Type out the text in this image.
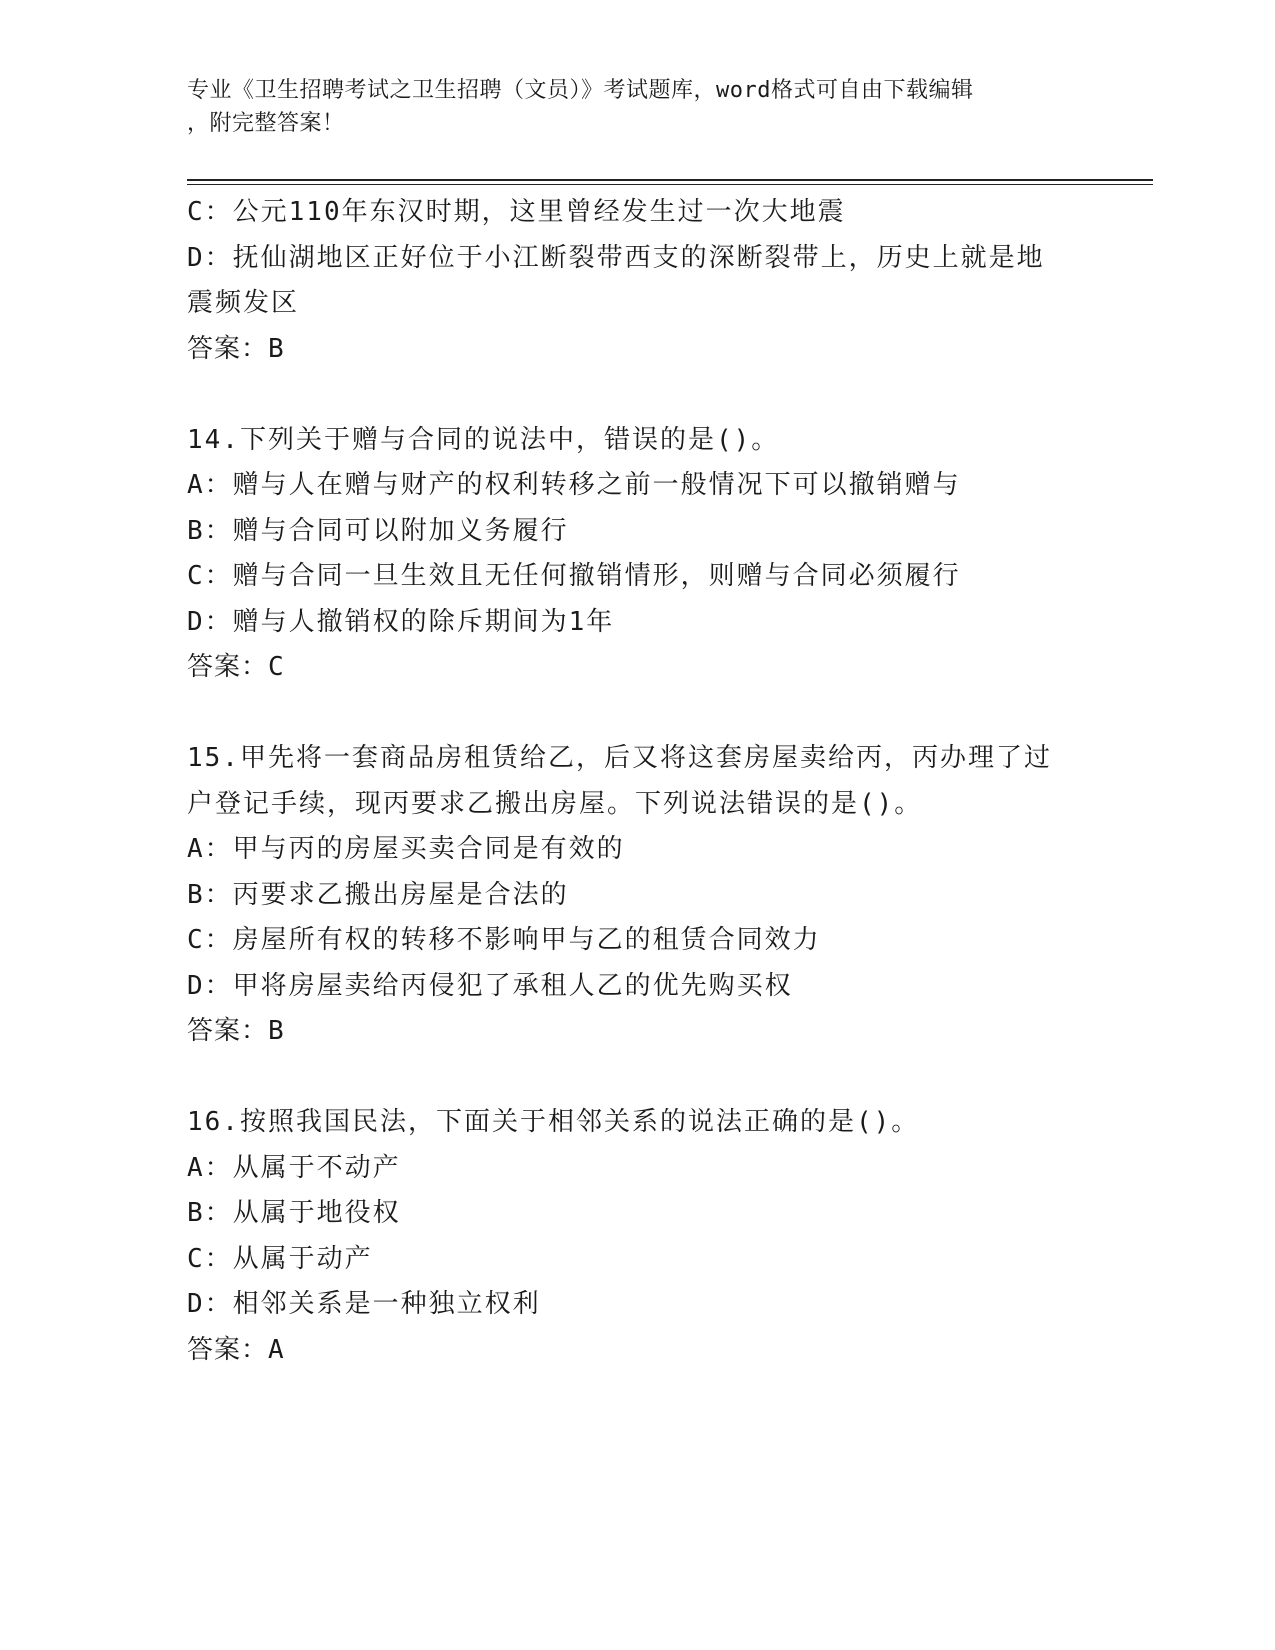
专业《卫生招聘考试之卫生招聘（文员）》考试题库，word格式可自由下载编辑

，附完整答案！

C：公元110年东汉时期，这里曾经发生过一次大地震

D：抚仙湖地区正好位于小江断裂带西支的深断裂带上，历史上就是地

震频发区

答案：B

14.下列关于赠与合同的说法中，错误的是()。

A：赠与人在赠与财产的权利转移之前一般情况下可以撤销赠与

B：赠与合同可以附加义务履行

C：赠与合同一旦生效且无任何撤销情形，则赠与合同必须履行

D：赠与人撤销权的除斥期间为1年

答案：C

15.甲先将一套商品房租赁给乙，后又将这套房屋卖给丙，丙办理了过

户登记手续，现丙要求乙搬出房屋。下列说法错误的是()。

A：甲与丙的房屋买卖合同是有效的

B：丙要求乙搬出房屋是合法的

C：房屋所有权的转移不影响甲与乙的租赁合同效力

D：甲将房屋卖给丙侵犯了承租人乙的优先购买权

答案：B

16.按照我国民法，下面关于相邻关系的说法正确的是()。

A：从属于不动产

B：从属于地役权

C：从属于动产

D：相邻关系是一种独立权利

答案：A
